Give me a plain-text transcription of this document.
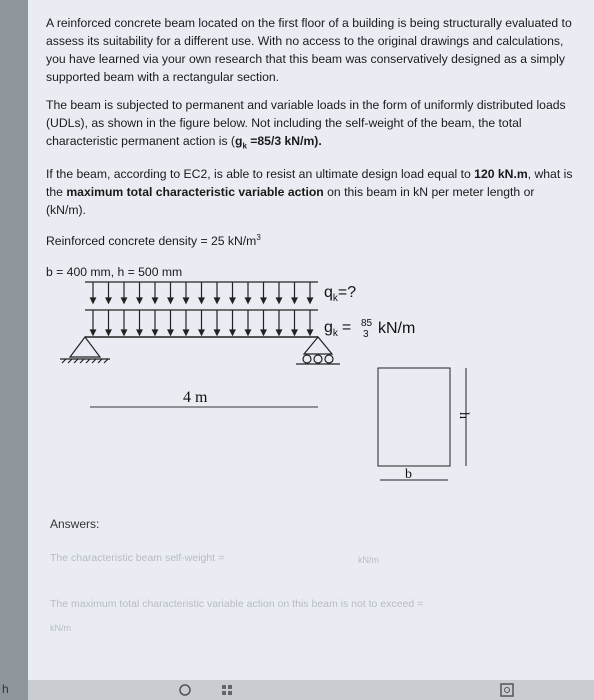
h

A reinforced concrete beam located on the first floor of a building is being structurally evaluated to assess its suitability for a different use. With no access to the original drawings and calculations, you have learned via your own research that this beam was conservatively designed as a simply supported beam with a rectangular section.

The beam is subjected to permanent and variable loads in the form of uniformly distributed loads (UDLs), as shown in the figure below. Not including the self-weight of the beam, the total characteristic permanent action is ($g_k =85/3$ kN/m).

If the beam, according to EC2, is able to resist an ultimate design load equal to 120 kN.m, what is the maximum total characteristic variable action on this beam in kN per meter length or (kN/m).

Reinforced concrete density = 25 $kN/m^3$
b = 400 mm, h = 500 mm
$q_k=$?
$g_k = 85$
3 kN/m
4 m
h
b
Answers:
The characteristic beam self-weight =	kN/m
The maximum total characteristic variable action on this beam is not to exceed =
kN/m
